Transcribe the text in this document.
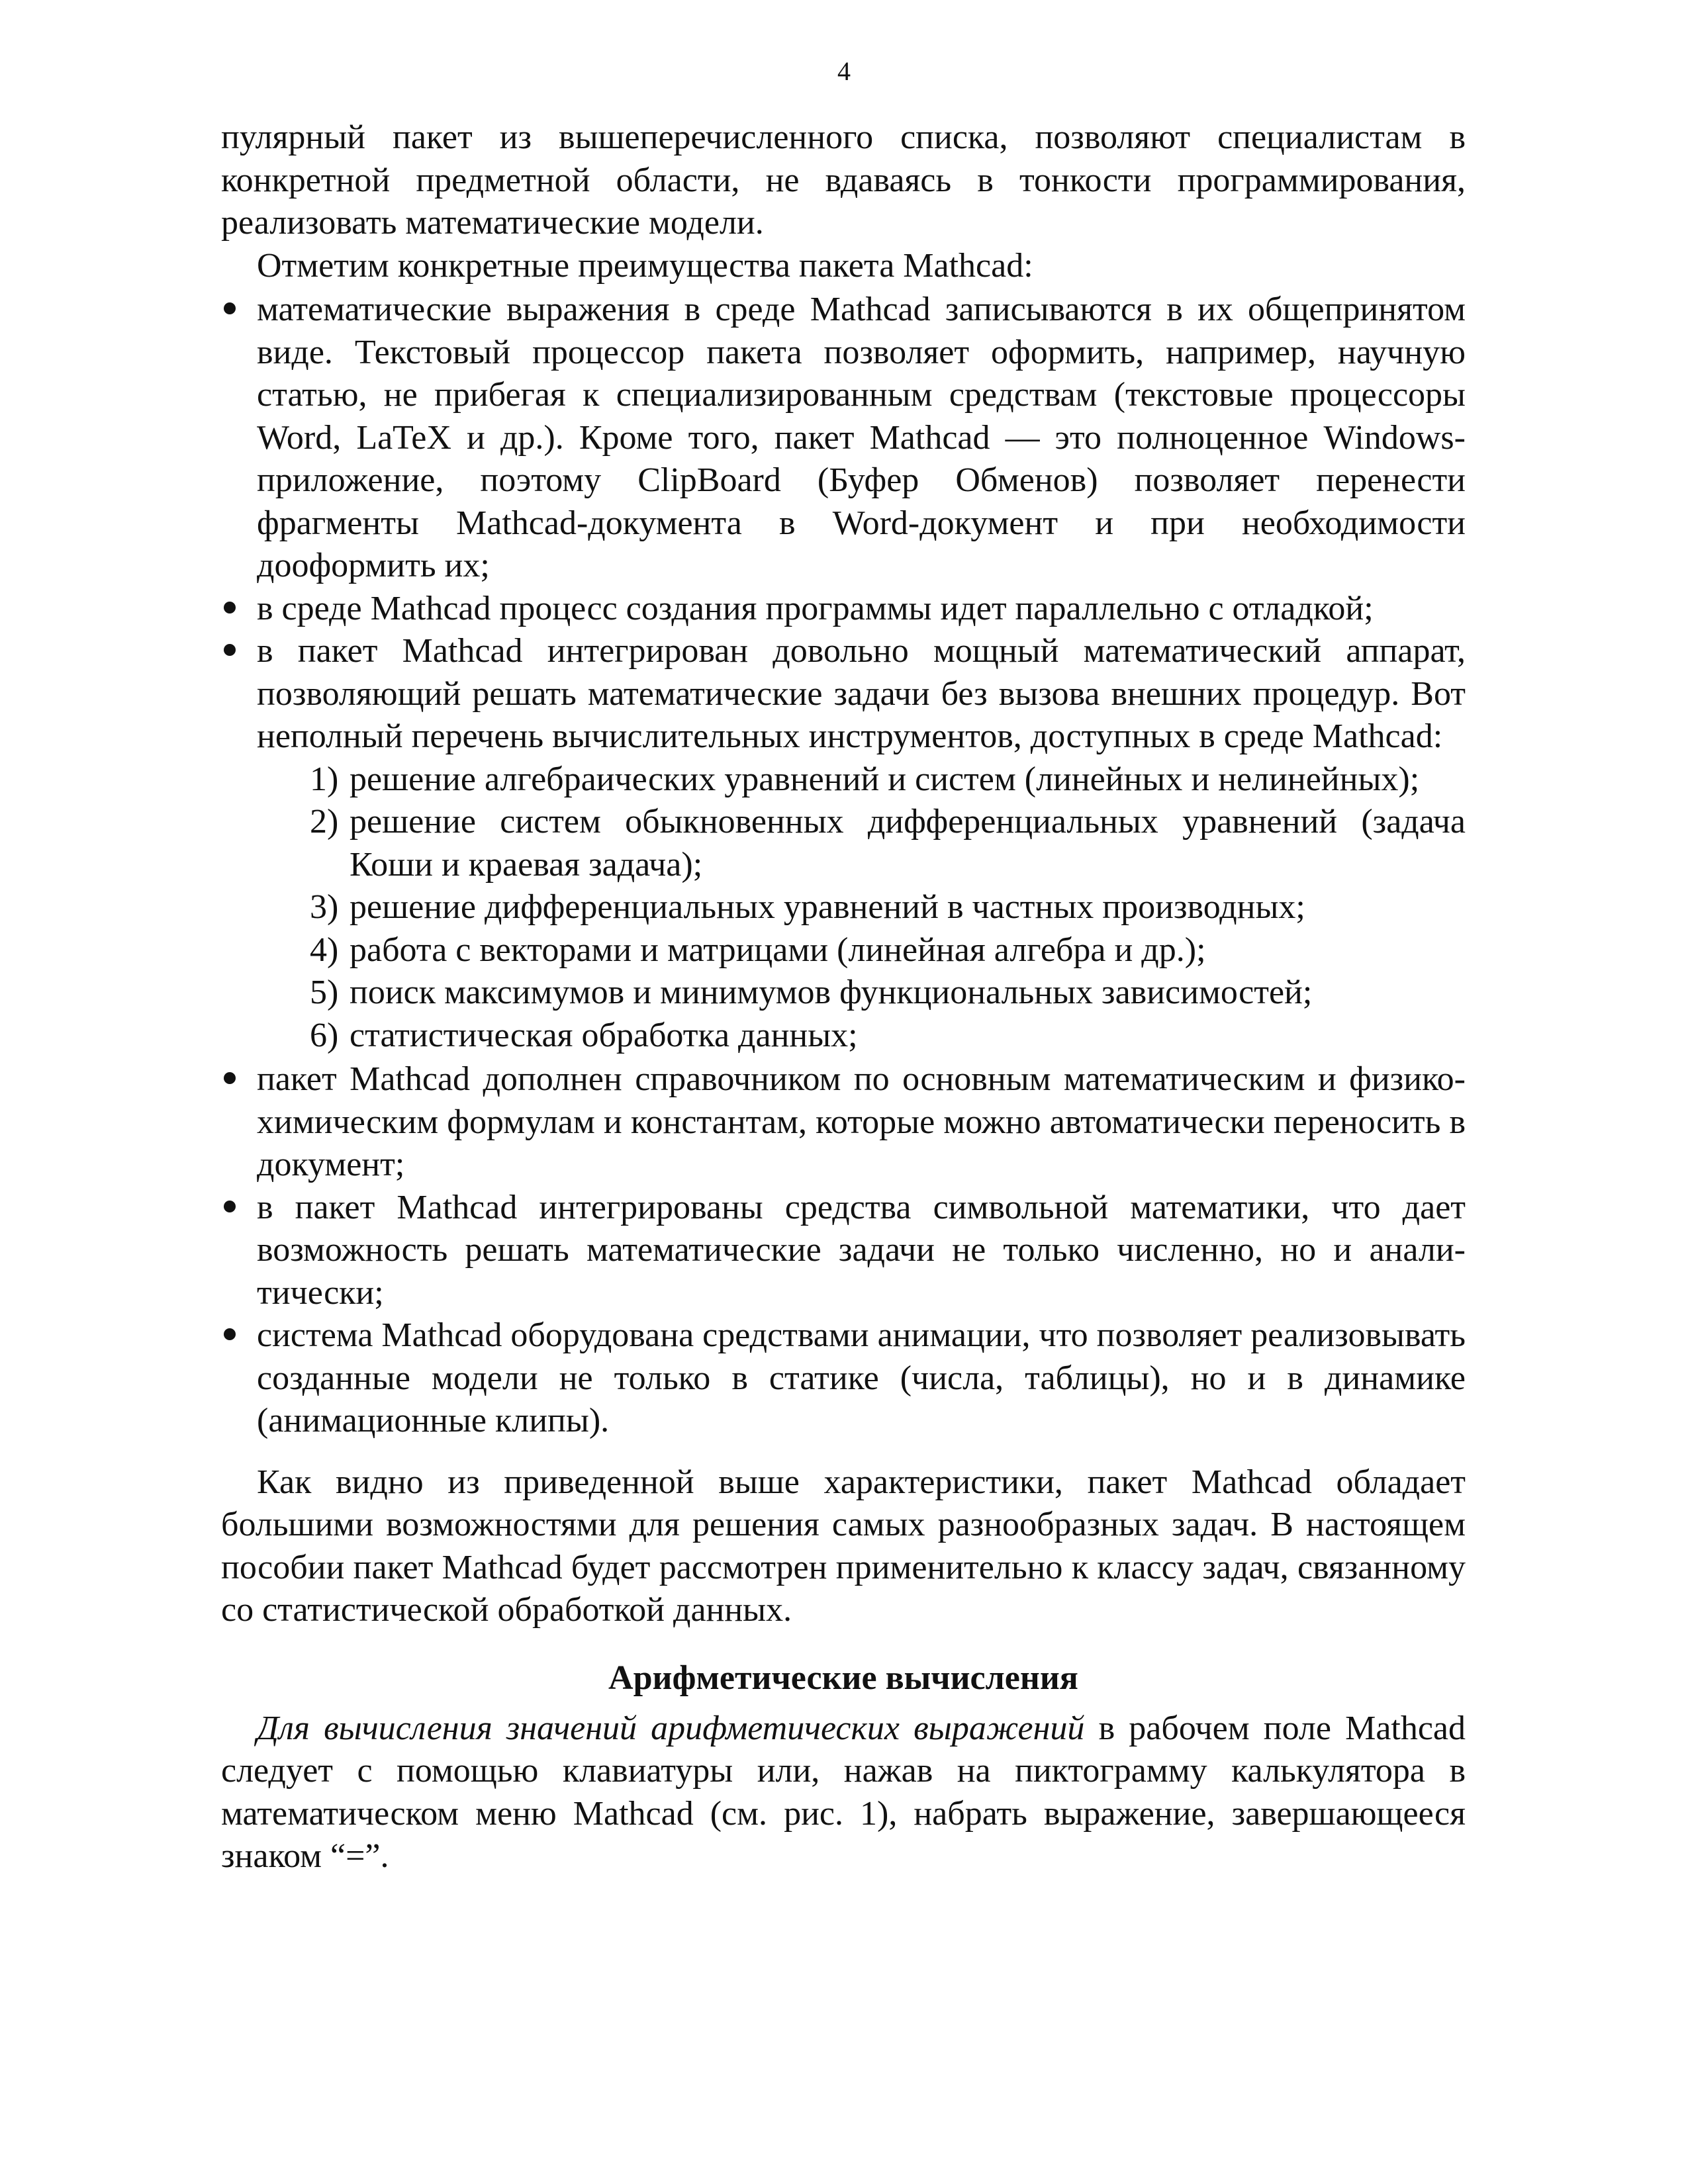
4

пулярный пакет из вышеперечисленного списка, позволяют специалистам в конкретной предметной области, не вдаваясь в тонкости программирования, реализовать математические модели.

Отметим конкретные преимущества пакета Mathcad:

математические выражения в среде Mathcad записываются в их общепринятом виде. Текстовый процессор пакета позволяет оформить, например, научную статью, не прибегая к специализированным средствам (текстовые процессоры Word, LaTeX и др.). Кроме того, пакет Mathcad — это полноценное Windows-приложение, поэтому ClipBoard (Буфер Обменов) позволяет перенести фрагменты Mathcad-документа в Word-документ и при необходимости дооформить их;
в среде Mathcad процесс создания программы идет параллельно с отладкой;
в пакет Mathcad интегрирован довольно мощный математический аппарат, позволяющий решать математические задачи без вызова внешних процедур. Вот неполный перечень вычислительных инструментов, доступных в среде Mathcad:
1) решение алгебраических уравнений и систем (линейных и нелинейных);
2) решение систем обыкновенных дифференциальных уравнений (задача Коши и краевая задача);
3) решение дифференциальных уравнений в частных производных;
4) работа с векторами и матрицами (линейная алгебра и др.);
5) поиск максимумов и минимумов функциональных зависимостей;
6) статистическая обработка данных;
пакет Mathcad дополнен справочником по основным математическим и физико-химическим формулам и константам, которые можно автоматически переносить в документ;
в пакет Mathcad интегрированы средства символьной математики, что дает возможность решать математические задачи не только численно, но и аналитически;
система Mathcad оборудована средствами анимации, что позволяет реализовывать созданные модели не только в статике (числа, таблицы), но и в динамике (анимационные клипы).

Как видно из приведенной выше характеристики, пакет Mathcad обладает большими возможностями для решения самых разнообразных задач. В настоящем пособии пакет Mathcad будет рассмотрен применительно к классу задач, связанному со статистической обработкой данных.

Арифметические вычисления

Для вычисления значений арифметических выражений в рабочем поле Mathcad следует с помощью клавиатуры или, нажав на пиктограмму калькулятора в математическом меню Mathcad (см. рис. 1), набрать выражение, завершающееся знаком “=”.
